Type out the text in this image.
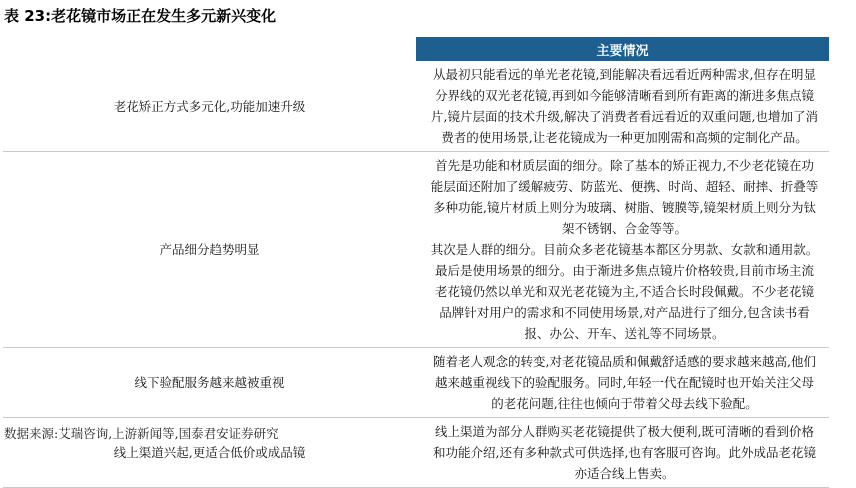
表 23:老花镜市场正在发生多元新兴变化
	主要情况
老花矫正方式多元化,功能加速升级	从最初只能看远的单光老花镜,到能解决看远看近两种需求,但存在明显分界线的双光老花镜,再到如今能够清晰看到所有距离的渐进多焦点镜片,镜片层面的技术升级,解决了消费者看远看近的双重问题,也增加了消费者的使用场景,让老花镜成为一种更加刚需和高频的定制化产品。

产品细分趋势明显	首先是功能和材质层面的细分。除了基本的矫正视力,不少老花镜在功能层面还附加了缓解疲劳、防蓝光、便携、时尚、超轻、耐摔、折叠等多种功能,镜片材质上则分为玻璃、树脂、镀膜等,镜架材质上则分为钛架不锈钢、合金等等。
其次是人群的细分。目前众多老花镜基本都区分男款、女款和通用款。
最后是使用场景的细分。由于渐进多焦点镜片价格较贵,目前市场主流老花镜仍然以单光和双光老花镜为主,不适合长时段佩戴。不少老花镜品牌针对用户的需求和不同使用场景,对产品进行了细分,包含读书看报、办公、开车、送礼等不同场景。

线下验配服务越来越被重视	随着老人观念的转变,对老花镜品质和佩戴舒适感的要求越来越高,他们越来越重视线下的验配服务。同时,年轻一代在配镜时也开始关注父母的老花问题,往往也倾向于带着父母去线下验配。

线上渠道兴起,更适合低价或成品镜	线上渠道为部分人群购买老花镜提供了极大便利,既可清晰的看到价格和功能介绍,还有多种款式可供选择,也有客服可咨询。此外成品老花镜亦适合线上售卖。
数据来源:艾瑞咨询,上游新闻等,国泰君安证券研究
